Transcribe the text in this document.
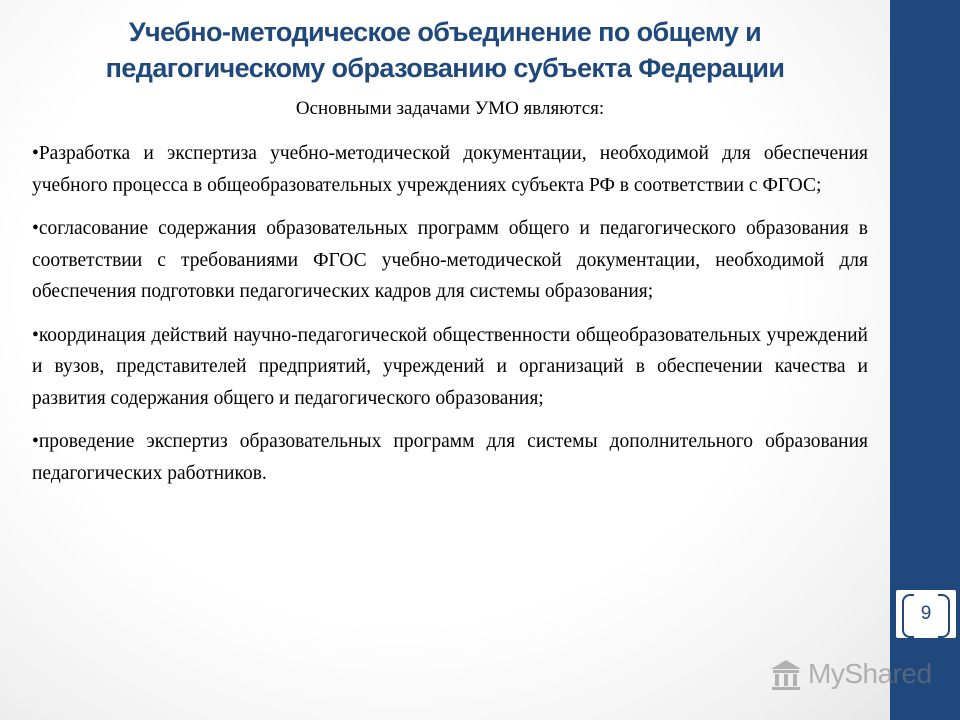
Учебно-методическое объединение по общему и
педагогическому образованию субъекта Федерации
Основными задачами УМО являются:

• Разработка и экспертиза учебно-методической документации, необходимой для обеспечения учебного процесса в общеобразовательных учреждениях субъекта РФ в соответствии с ФГОС;

• согласование содержания образовательных программ общего и педагогического образования в соответствии с требованиями ФГОС учебно-методической документации, необходимой для обеспечения подготовки педагогических кадров для системы образования;

• координация действий научно-педагогической общественности общеобразовательных учреждений и вузов, представителей предприятий, учреждений и организаций в обеспечении качества и развития содержания общего и педагогического образования;

• проведение экспертиз образовательных программ для системы дополнительного образования педагогических работников.

9
MyShared
